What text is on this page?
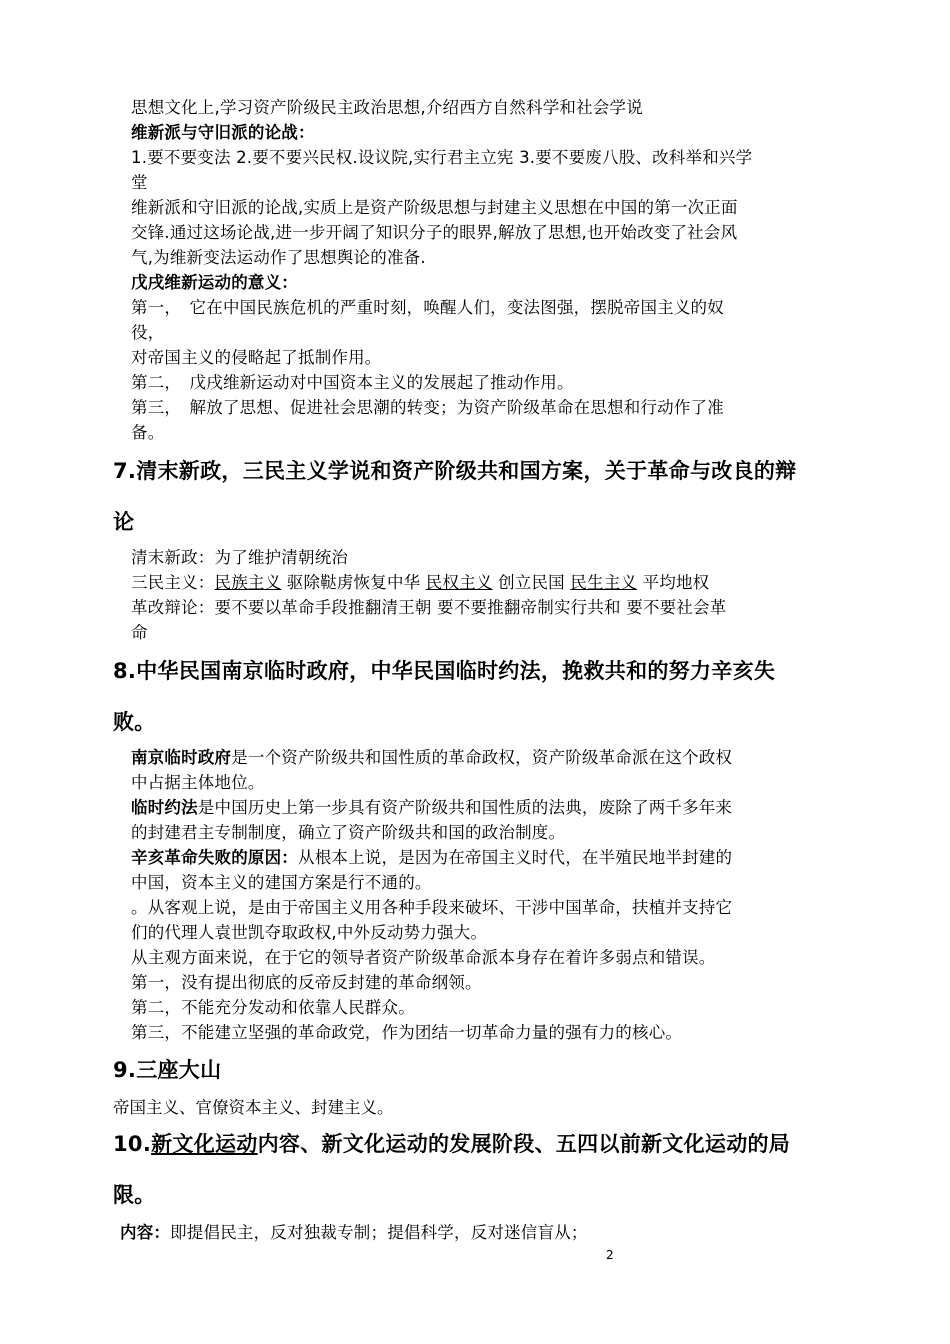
思想文化上,学习资产阶级民主政治思想,介绍西方自然科学和社会学说
维新派与守旧派的论战：
1.要不要变法 2.要不要兴民权.设议院,实行君主立宪 3.要不要废八股、改科举和兴学
堂
维新派和守旧派的论战,实质上是资产阶级思想与封建主义思想在中国的第一次正面
交锋.通过这场论战,进一步开阔了知识分子的眼界,解放了思想,也开始改变了社会风
气,为维新变法运动作了思想舆论的准备.
戊戌维新运动的意义：
第一，　它在中国民族危机的严重时刻，唤醒人们，变法图强，摆脱帝国主义的奴
役，
对帝国主义的侵略起了抵制作用。
第二，　戊戌维新运动对中国资本主义的发展起了推动作用。
第三，　解放了思想、促进社会思潮的转变；为资产阶级革命在思想和行动作了准
备。
7.清末新政，三民主义学说和资产阶级共和国方案，关于革命与改良的辩
论
清末新政：为了维护清朝统治
三民主义：民族主义 驱除鞑虏恢复中华 民权主义 创立民国 民生主义 平均地权
革改辩论：要不要以革命手段推翻清王朝 要不要推翻帝制实行共和 要不要社会革
命
8.中华民国南京临时政府，中华民国临时约法，挽救共和的努力辛亥失
败。
南京临时政府是一个资产阶级共和国性质的革命政权，资产阶级革命派在这个政权
中占据主体地位。
临时约法是中国历史上第一步具有资产阶级共和国性质的法典，废除了两千多年来
的封建君主专制制度，确立了资产阶级共和国的政治制度。
辛亥革命失败的原因：从根本上说，是因为在帝国主义时代，在半殖民地半封建的
中国，资本主义的建国方案是行不通的。
。从客观上说，是由于帝国主义用各种手段来破坏、干涉中国革命，扶植并支持它
们的代理人袁世凯夺取政权,中外反动势力强大。
从主观方面来说，在于它的领导者资产阶级革命派本身存在着许多弱点和错误。
第一，没有提出彻底的反帝反封建的革命纲领。
第二，不能充分发动和依靠人民群众。
第三，不能建立坚强的革命政党，作为团结一切革命力量的强有力的核心。
9.三座大山
帝国主义、官僚资本主义、封建主义。
10.新文化运动内容、新文化运动的发展阶段、五四以前新文化运动的局
限。
内容：即提倡民主，反对独裁专制；提倡科学，反对迷信盲从；
2
